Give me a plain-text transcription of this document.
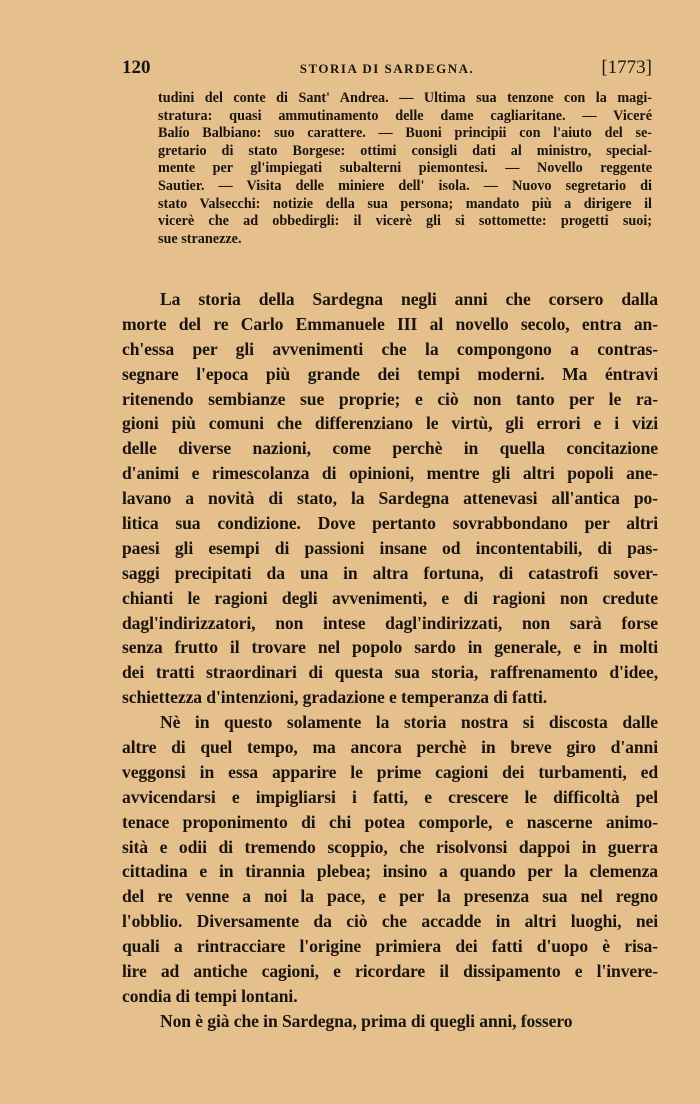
120	STORIA DI SARDEGNA.	[1773]
tudini del conte di Sant' Andrea. — Ultima sua tenzone con la magi-
stratura: quasi ammutinamento delle dame cagliaritane. — Viceré
Balío Balbiano: suo carattere. — Buoni principii con l'aiuto del se-
gretario di stato Borgese: ottimi consigli dati al ministro, special-
mente per gl'impiegati subalterni piemontesi. — Novello reggente
Sautier. — Visita delle miniere dell' isola. — Nuovo segretario di
stato Valsecchi: notizie della sua persona; mandato più a dirigere il
vicerè che ad obbedirgli: il vicerè gli si sottomette: progetti suoi;
sue stranezze.
La storia della Sardegna negli anni che corsero dalla
morte del re Carlo Emmanuele III al novello secolo, entra an-
ch'essa per gli avvenimenti che la compongono a contras-
segnare l'epoca più grande dei tempi moderni. Ma éntravi
ritenendo sembianze sue proprie; e ciò non tanto per le ra-
gioni più comuni che differenziano le virtù, gli errori e i vizi
delle diverse nazioni, come perchè in quella concitazione
d'animi e rimescolanza di opinioni, mentre gli altri popoli ane-
lavano a novità di stato, la Sardegna attenevasi all'antica po-
litica sua condizione. Dove pertanto sovrabbondano per altri
paesi gli esempi di passioni insane od incontentabili, di pas-
saggi precipitati da una in altra fortuna, di catastrofi sover-
chianti le ragioni degli avvenimenti, e di ragioni non credute
dagl'indirizzatori, non intese dagl'indirizzati, non sarà forse
senza frutto il trovare nel popolo sardo in generale, e in molti
dei tratti straordinari di questa sua storia, raffrenamento d'idee,
schiettezza d'intenzioni, gradazione e temperanza di fatti.
Nè in questo solamente la storia nostra si discosta dalle
altre di quel tempo, ma ancora perchè in breve giro d'anni
veggonsi in essa apparire le prime cagioni dei turbamenti, ed
avvicendarsi e impigliarsi i fatti, e crescere le difficoltà pel
tenace proponimento di chi potea comporle, e nascerne animo-
sità e odii di tremendo scoppio, che risolvonsi dappoi in guerra
cittadina e in tirannia plebea; insino a quando per la clemenza
del re venne a noi la pace, e per la presenza sua nel regno
l'obblio. Diversamente da ciò che accadde in altri luoghi, nei
quali a rintracciare l'origine primiera dei fatti d'uopo è risa-
lire ad antiche cagioni, e ricordare il dissipamento e l'invere-
condia di tempi lontani.
Non è già che in Sardegna, prima di quegli anni, fossero
